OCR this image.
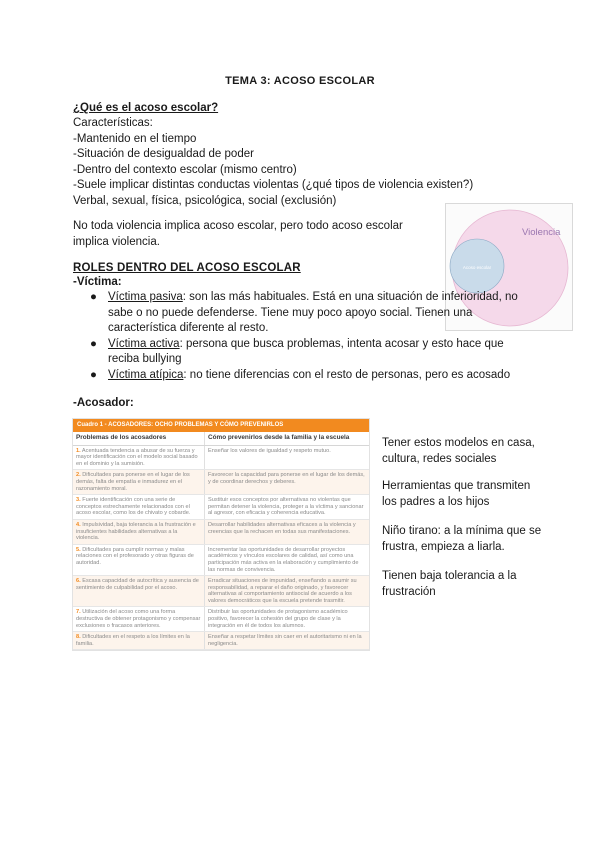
TEMA 3: ACOSO ESCOLAR
¿Qué es el acoso escolar?
Características:
-Mantenido en el tiempo
-Situación de desigualdad de poder
-Dentro del contexto escolar (mismo centro)
-Suele implicar distintas conductas violentas (¿qué tipos de violencia existen?)
Verbal, sexual, física, psicológica, social (exclusión)
No toda violencia implica acoso escolar, pero todo acoso escolar implica violencia.
Violencia
Acoso escolar
ROLES DENTRO DEL ACOSO ESCOLAR
-Víctima:
● Víctima pasiva: son las más habituales. Está en una situación de inferioridad, no sabe o no puede defenderse. Tiene muy poco apoyo social. Tienen una característica diferente al resto.
● Víctima activa: persona que busca problemas, intenta acosar y esto hace que reciba bullying
● Víctima atípica: no tiene diferencias con el resto de personas, pero es acosado
-Acosador:
Cuadro 1 - ACOSADORES: OCHO PROBLEMAS Y CÓMO PREVENIRLOS
Problemas de los acosadores	Cómo prevenirlos desde la familia y la escuela
1. Acentuada tendencia a abusar de su fuerza y mayor identificación con el modelo social basado en el dominio y la sumisión.
Enseñar los valores de igualdad y respeto mutuo.
2. Dificultades para ponerse en el lugar de los demás, falta de empatía e inmadurez en el razonamiento moral.
Favorecer la capacidad para ponerse en el lugar de los demás, y de coordinar derechos y deberes.
3. Fuerte identificación con una serie de conceptos estrechamente relacionados con el acoso escolar, como los de chivato y cobarde.
Sustituir esos conceptos por alternativas no violentas que permitan detener la violencia, proteger a la víctima y sancionar al agresor, con eficacia y coherencia educativa.
4. Impulsividad, baja tolerancia a la frustración e insuficientes habilidades alternativas a la violencia.
Desarrollar habilidades alternativas eficaces a la violencia y creencias que la rechacen en todas sus manifestaciones.
5. Dificultades para cumplir normas y malas relaciones con el profesorado y otras figuras de autoridad.
Incrementar las oportunidades de desarrollar proyectos académicos y vínculos escolares de calidad, así como una participación más activa en la elaboración y cumplimiento de las normas de convivencia.
6. Escasa capacidad de autocrítica y ausencia de sentimiento de culpabilidad por el acoso.
Erradicar situaciones de impunidad, enseñando a asumir su responsabilidad, a reparar el daño originado, y favorecer alternativas al comportamiento antisocial de acuerdo a los valores democráticos que la escuela pretende trasmitir.
7. Utilización del acoso como una forma destructiva de obtener protagonismo y compensar exclusiones o fracasos anteriores.
Distribuir las oportunidades de protagonismo académico positivo, favorecer la cohesión del grupo de clase y la integración en él de todos los alumnos.
8. Dificultades en el respeto a los límites en la familia.
Enseñar a respetar límites sin caer en el autoritarismo ni en la negligencia.
Tener estos modelos en casa, cultura, redes sociales
Herramientas que transmiten los padres a los hijos
Niño tirano: a la mínima que se frustra, empieza a liarla.
Tienen baja tolerancia a la frustración
